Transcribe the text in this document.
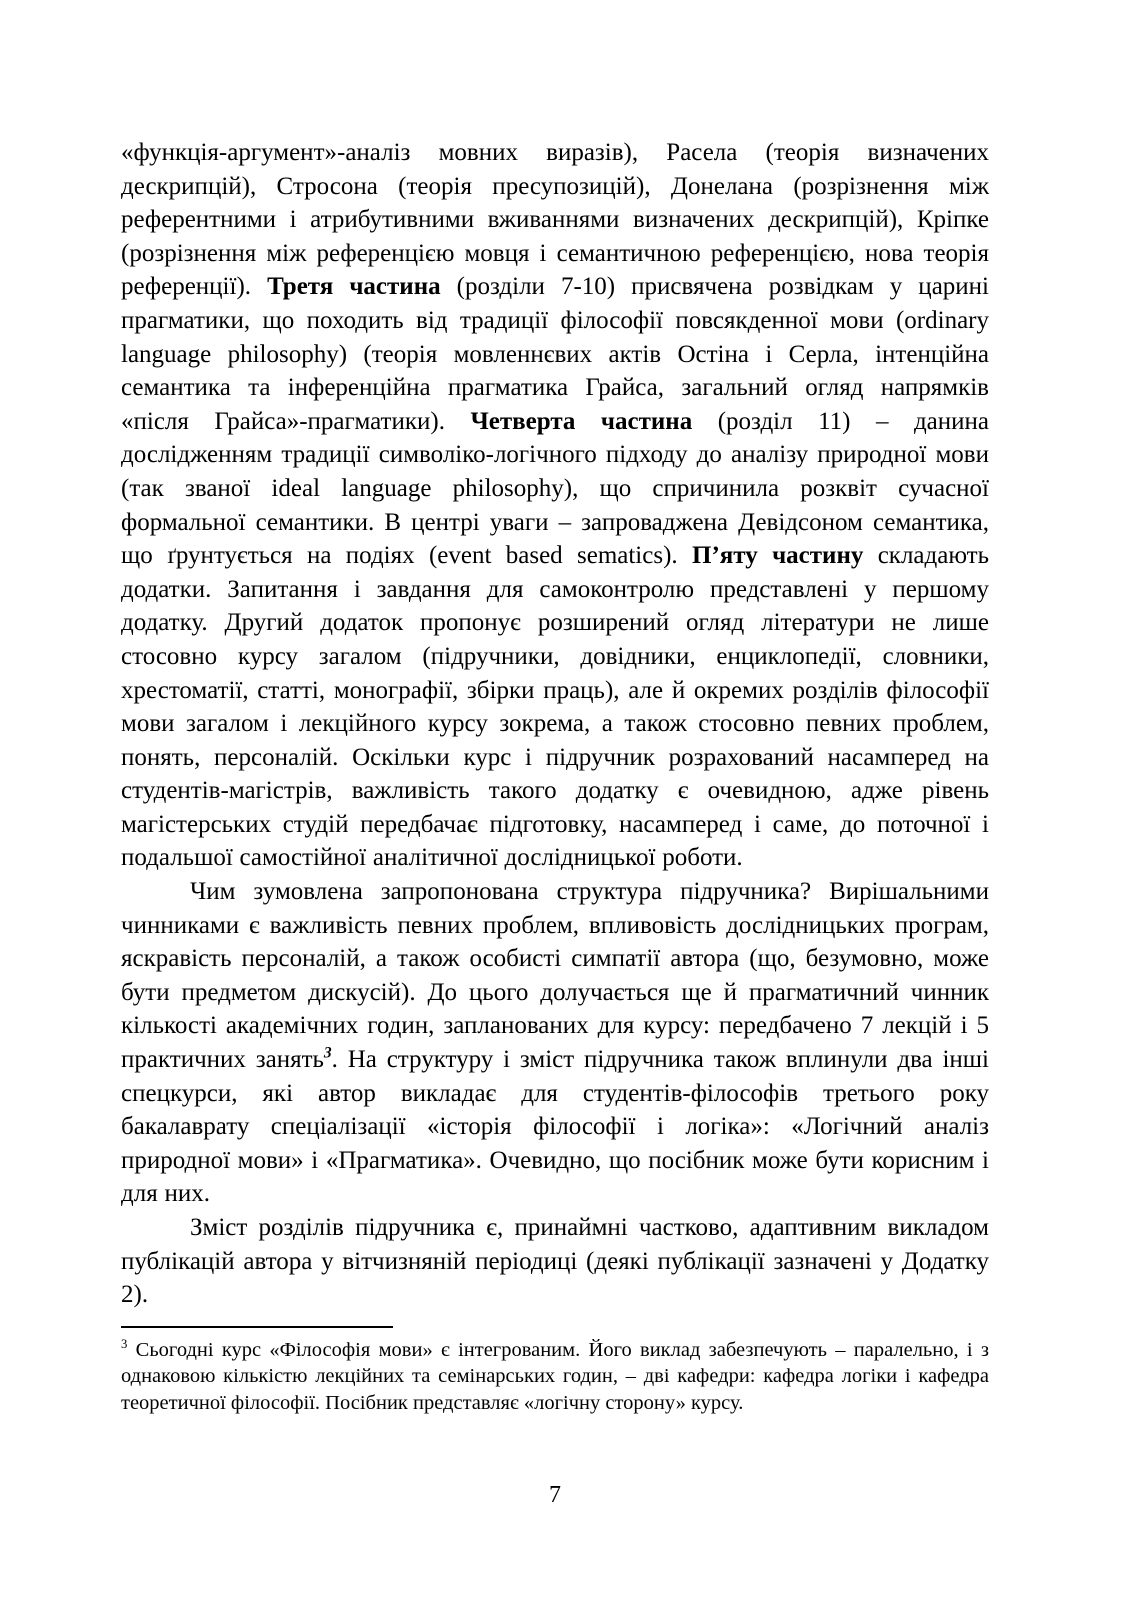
«функція-аргумент»-аналіз мовних виразів), Расела (теорія визначених дескрипцій), Стросона (теорія пресупозицій), Донелана (розрізнення між референтними і атрибутивними вживаннями визначених дескрипцій), Кріпке (розрізнення між референцією мовця і семантичною референцією, нова теорія референції). Третя частина (розділи 7-10) присвячена розвідкам у царині прагматики, що походить від традиції філософії повсякденної мови (ordinary language philosophy) (теорія мовленнєвих актів Остіна і Серла, інтенційна семантика та інференційна прагматика Грайса, загальний огляд напрямків «після Грайса»-прагматики). Четверта частина (розділ 11) – данина дослідженням традиції символіко-логічного підходу до аналізу природної мови (так званої ideal language philosophy), що спричинила розквіт сучасної формальної семантики. В центрі уваги – запроваджена Девідсоном семантика, що ґрунтується на подіях (event based sematics). П’яту частину складають додатки. Запитання і завдання для самоконтролю представлені у першому додатку. Другий додаток пропонує розширений огляд літератури не лише стосовно курсу загалом (підручники, довідники, енциклопедії, словники, хрестоматії, статті, монографії, збірки праць), але й окремих розділів філософії мови загалом і лекційного курсу зокрема, а також стосовно певних проблем, понять, персоналій. Оскільки курс і підручник розрахований насамперед на студентів-магістрів, важливість такого додатку є очевидною, адже рівень магістерських студій передбачає підготовку, насамперед і саме, до поточної і подальшої самостійної аналітичної дослідницької роботи.

Чим зумовлена запропонована структура підручника? Вирішальними чинниками є важливість певних проблем, впливовість дослідницьких програм, яскравість персоналій, а також особисті симпатії автора (що, безумовно, може бути предметом дискусій). До цього долучається ще й прагматичний чинник кількості академічних годин, запланованих для курсу: передбачено 7 лекцій і 5 практичних занять$^3$. На структуру і зміст підручника також вплинули два інші спецкурси, які автор викладає для студентів-філософів третього року бакалаврату спеціалізації «історія філософії і логіка»: «Логічний аналіз природної мови» і «Прагматика». Очевидно, що посібник може бути корисним і для них.

Зміст розділів підручника є, принаймні частково, адаптивним викладом публікацій автора у вітчизняній періодиці (деякі публікації зазначені у Додатку 2).

$^3$ Сьогодні курс «Філософія мови» є інтегрованим. Його виклад забезпечують – паралельно, і з однаковою кількістю лекційних та семінарських годин, – дві кафедри: кафедра логіки і кафедра теоретичної філософії. Посібник представляє «логічну сторону» курсу.

7
